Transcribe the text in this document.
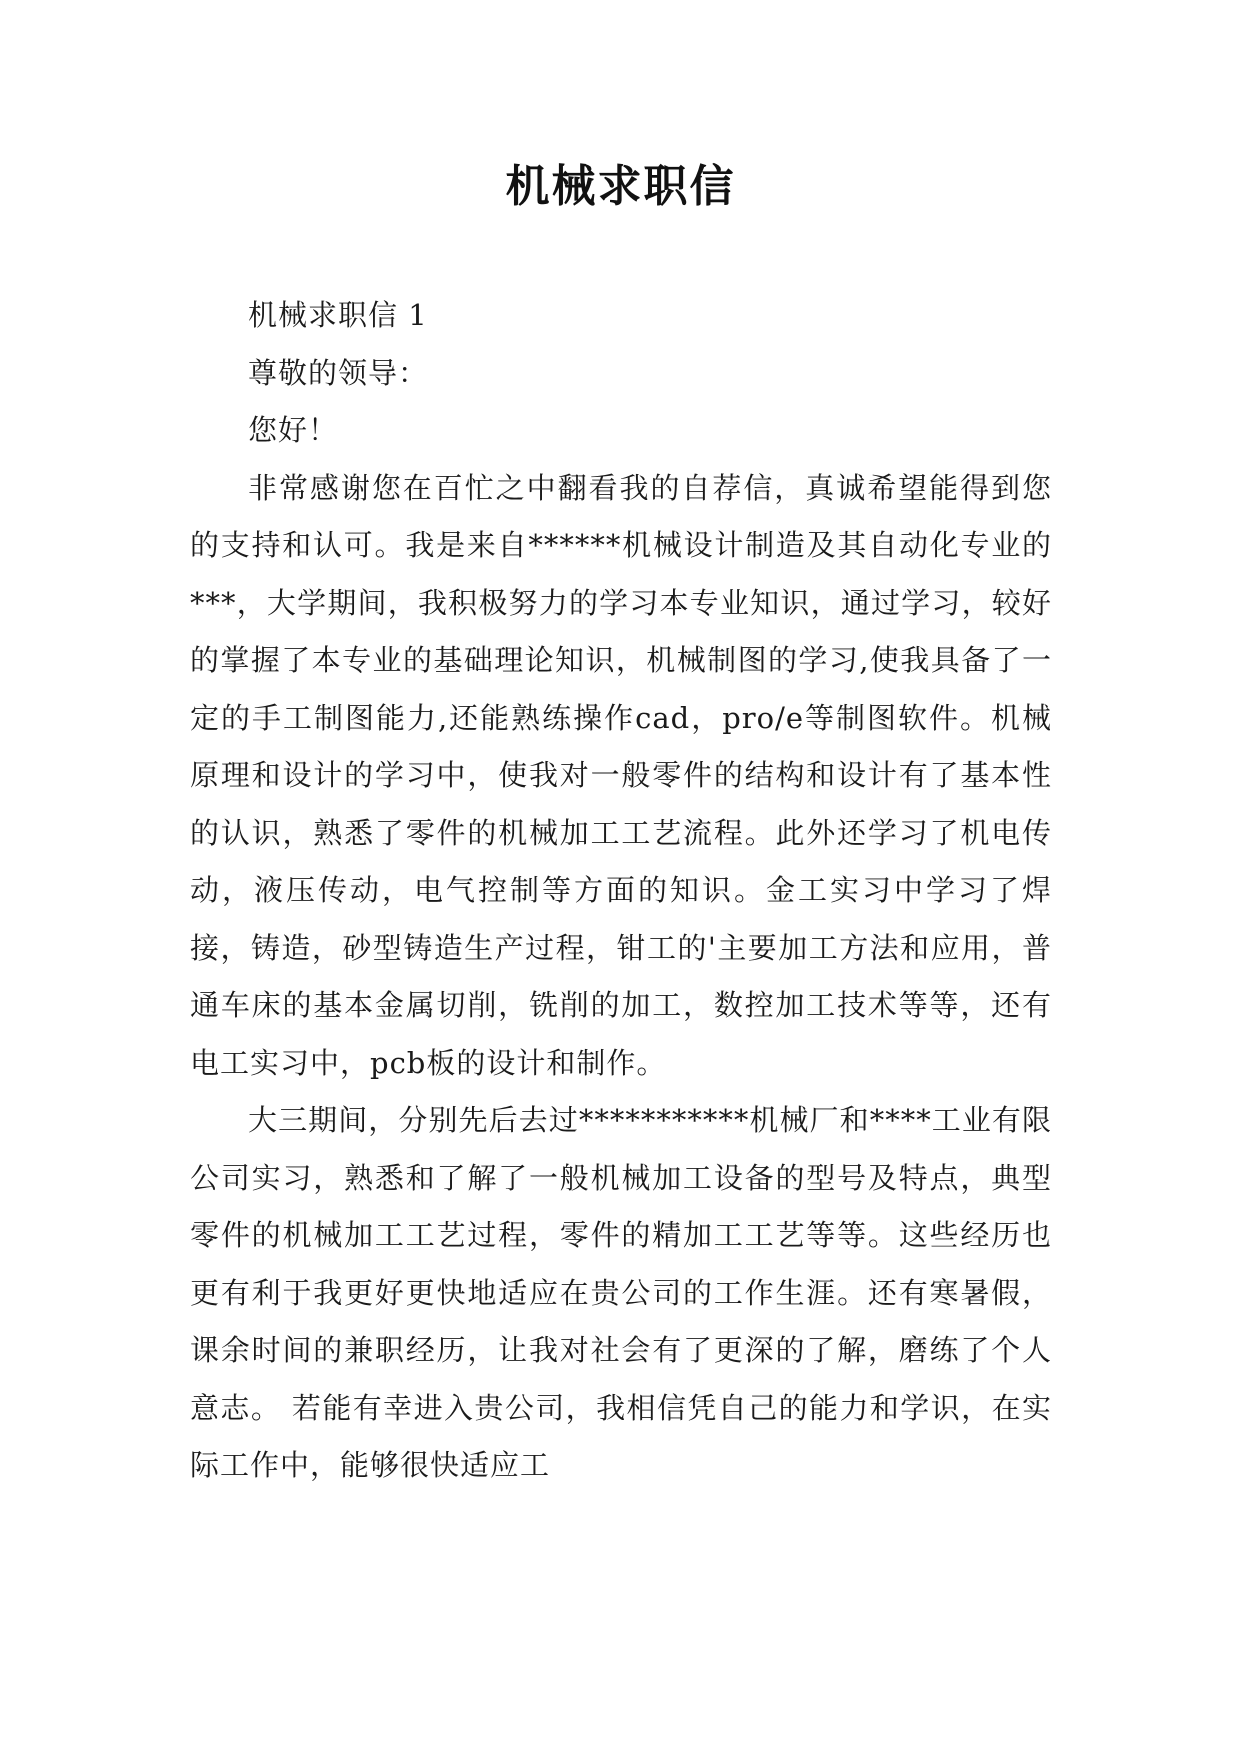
机械求职信

机械求职信 1

尊敬的领导：

您好！

非常感谢您在百忙之中翻看我的自荐信，真诚希望能得到您的支持和认可。我是来自******机械设计制造及其自动化专业的***，大学期间，我积极努力的学习本专业知识，通过学习，较好的掌握了本专业的基础理论知识，机械制图的学习,使我具备了一定的手工制图能力,还能熟练操作cad，pro/e等制图软件。机械原理和设计的学习中，使我对一般零件的结构和设计有了基本性的认识，熟悉了零件的机械加工工艺流程。此外还学习了机电传动，液压传动，电气控制等方面的知识。金工实习中学习了焊接，铸造，砂型铸造生产过程，钳工的'主要加工方法和应用，普通车床的基本金属切削，铣削的加工，数控加工技术等等，还有电工实习中，pcb板的设计和制作。

大三期间，分别先后去过***********机械厂和****工业有限公司实习，熟悉和了解了一般机械加工设备的型号及特点，典型零件的机械加工工艺过程，零件的精加工工艺等等。这些经历也更有利于我更好更快地适应在贵公司的工作生涯。还有寒暑假，课余时间的兼职经历，让我对社会有了更深的了解，磨练了个人意志。 若能有幸进入贵公司，我相信凭自己的能力和学识，在实际工作中，能够很快适应工
